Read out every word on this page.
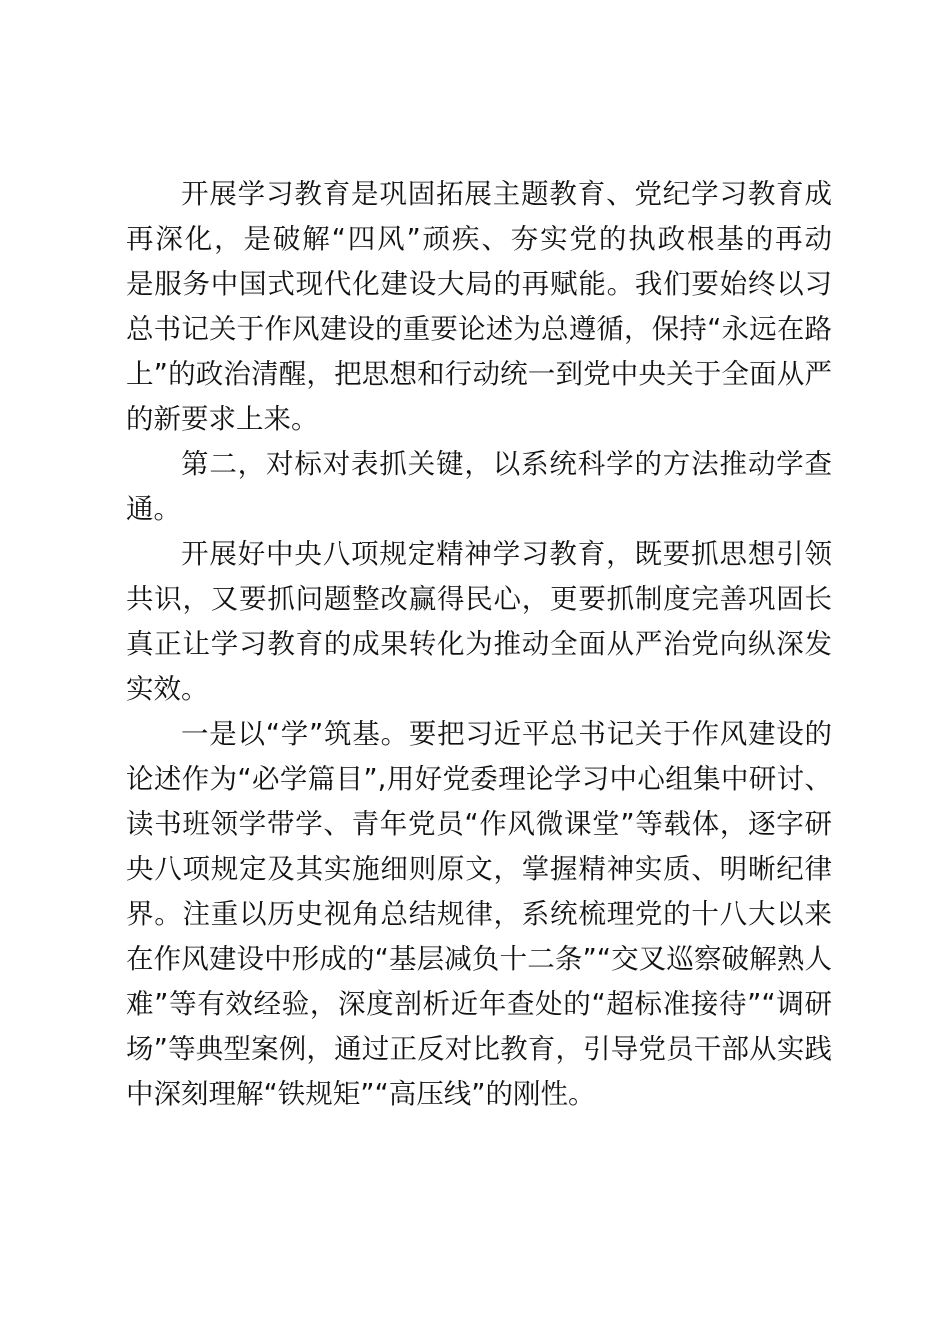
开展学习教育是巩固拓展主题教育、党纪学习教育成
再深化，是破解“四风”顽疾、夯实党的执政根基的再动
是服务中国式现代化建设大局的再赋能。我们要始终以习
总书记关于作风建设的重要论述为总遵循，保持“永远在路
上”的政治清醒，把思想和行动统一到党中央关于全面从严
的新要求上来。
第二，对标对表抓关键，以系统科学的方法推动学查
通。
开展好中央八项规定精神学习教育，既要抓思想引领
共识，又要抓问题整改赢得民心，更要抓制度完善巩固长
真正让学习教育的成果转化为推动全面从严治党向纵深发
实效。
一是以“学”筑基。要把习近平总书记关于作风建设的
论述作为“必学篇目”,用好党委理论学习中心组集中研讨、
读书班领学带学、青年党员“作风微课堂”等载体，逐字研
央八项规定及其实施细则原文，掌握精神实质、明晰纪律
界。注重以历史视角总结规律，系统梳理党的十八大以来
在作风建设中形成的“基层减负十二条”“交叉巡察破解熟人
难”等有效经验，深度剖析近年查处的“超标准接待”“调研
场”等典型案例，通过正反对比教育，引导党员干部从实践
中深刻理解“铁规矩”“高压线”的刚性。
